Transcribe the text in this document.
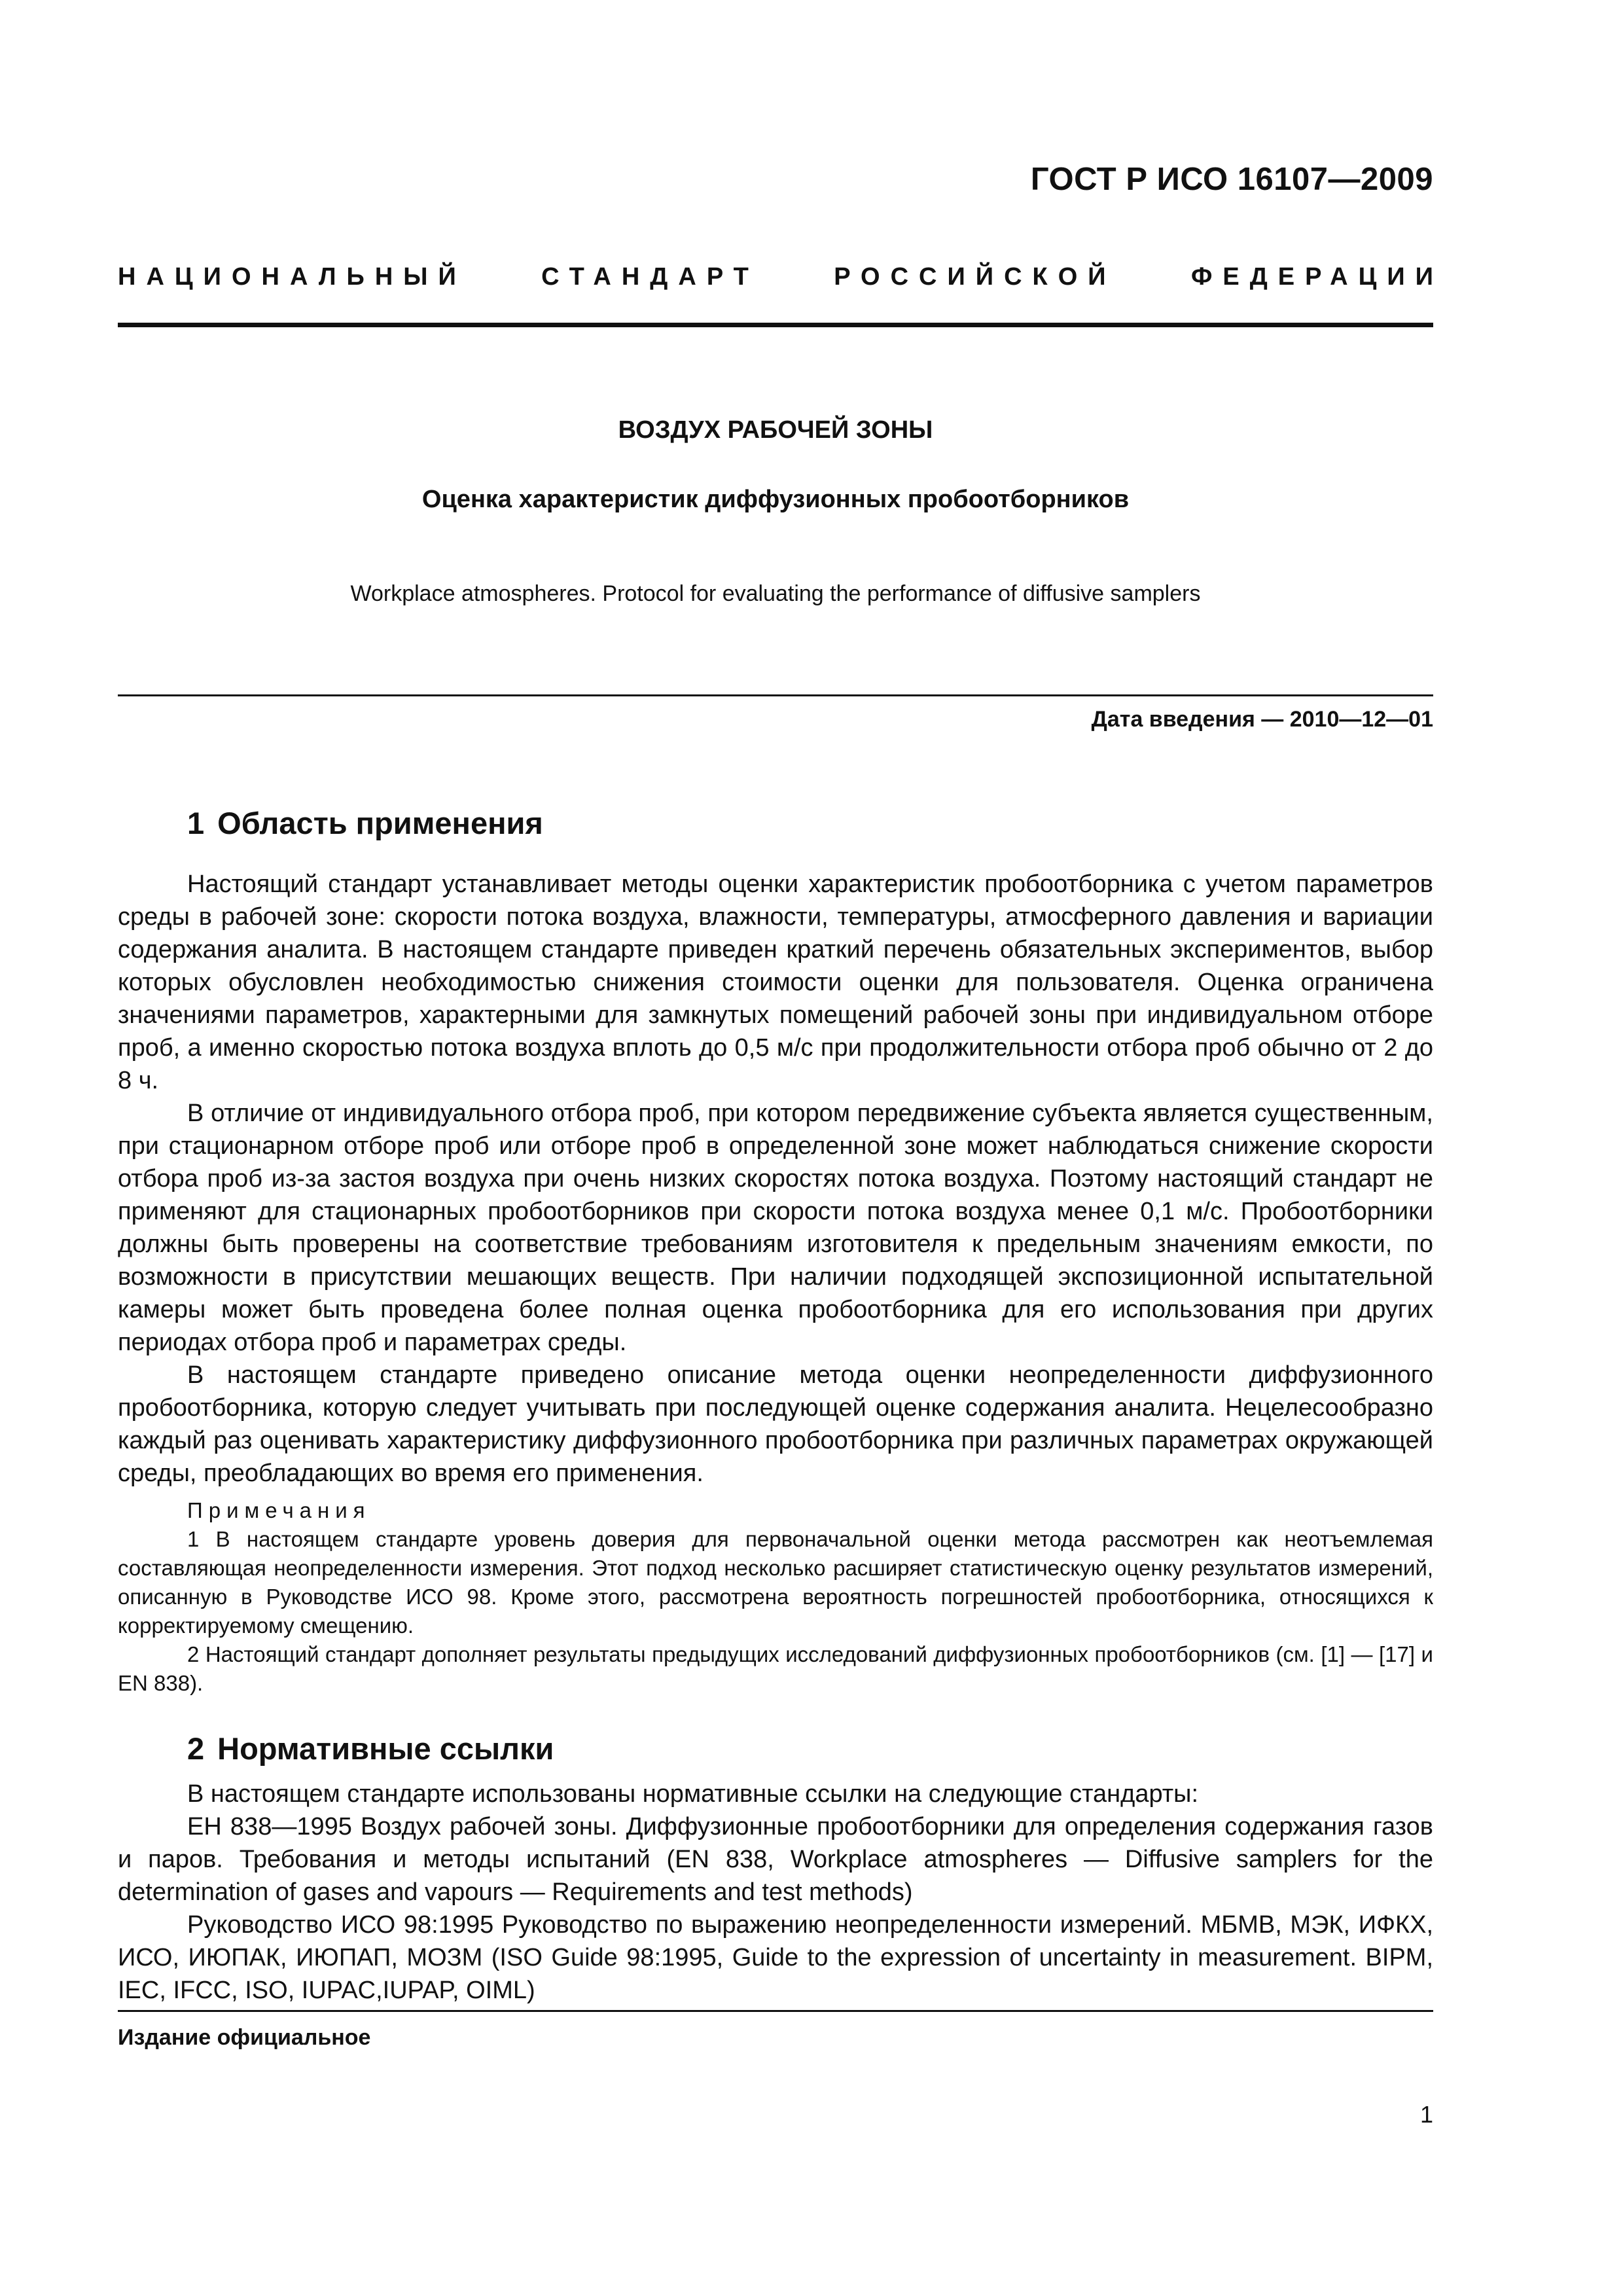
ГОСТ Р ИСО 16107—2009
НАЦИОНАЛЬНЫЙ	СТАНДАРТ	РОССИЙСКОЙ	ФЕДЕРАЦИИ
ВОЗДУХ РАБОЧЕЙ ЗОНЫ
Оценка характеристик диффузионных пробоотборников
Workplace atmospheres. Protocol for evaluating the performance of diffusive samplers
Дата введения — 2010—12—01
1 Область применения

Настоящий стандарт устанавливает методы оценки характеристик пробоотборника с учетом параметров среды в рабочей зоне: скорости потока воздуха, влажности, температуры, атмосферного давления и вариации содержания аналита. В настоящем стандарте приведен краткий перечень обязательных экспериментов, выбор которых обусловлен необходимостью снижения стоимости оценки для пользователя. Оценка ограничена значениями параметров, характерными для замкнутых помещений рабочей зоны при индивидуальном отборе проб, а именно скоростью потока воздуха вплоть до 0,5 м/с при продолжительности отбора проб обычно от 2 до 8 ч.

В отличие от индивидуального отбора проб, при котором передвижение субъекта является существенным, при стационарном отборе проб или отборе проб в определенной зоне может наблюдаться снижение скорости отбора проб из-за застоя воздуха при очень низких скоростях потока воздуха. Поэтому настоящий стандарт не применяют для стационарных пробоотборников при скорости потока воздуха менее 0,1 м/с. Пробоотборники должны быть проверены на соответствие требованиям изготовителя к предельным значениям емкости, по возможности в присутствии мешающих веществ. При наличии подходящей экспозиционной испытательной камеры может быть проведена более полная оценка пробоотборника для его использования при других периодах отбора проб и параметрах среды.

В настоящем стандарте приведено описание метода оценки неопределенности диффузионного пробоотборника, которую следует учитывать при последующей оценке содержания аналита. Нецелесообразно каждый раз оценивать характеристику диффузионного пробоотборника при различных параметрах окружающей среды, преобладающих во время его применения.

Примечания

1 В настоящем стандарте уровень доверия для первоначальной оценки метода рассмотрен как неотъемлемая составляющая неопределенности измерения. Этот подход несколько расширяет статистическую оценку результатов измерений, описанную в Руководстве ИСО 98. Кроме этого, рассмотрена вероятность погрешностей пробоотборника, относящихся к корректируемому смещению.

2 Настоящий стандарт дополняет результаты предыдущих исследований диффузионных пробоотборников (см. [1] — [17] и EN 838).

2 Нормативные ссылки

В настоящем стандарте использованы нормативные ссылки на следующие стандарты:

ЕН 838—1995 Воздух рабочей зоны. Диффузионные пробоотборники для определения содержания газов и паров. Требования и методы испытаний (EN 838, Workplace atmospheres — Diffusive samplers for the determination of gases and vapours — Requirements and test methods)

Руководство ИСО 98:1995 Руководство по выражению неопределенности измерений. МБМВ, МЭК, ИФКХ, ИСО, ИЮПАК, ИЮПАП, МОЗМ (ISO Guide 98:1995, Guide to the expression of uncertainty in measurement. BIPM, IEC, IFCC, ISO, IUPAC,IUPAP, OIML)

Издание официальное
1
